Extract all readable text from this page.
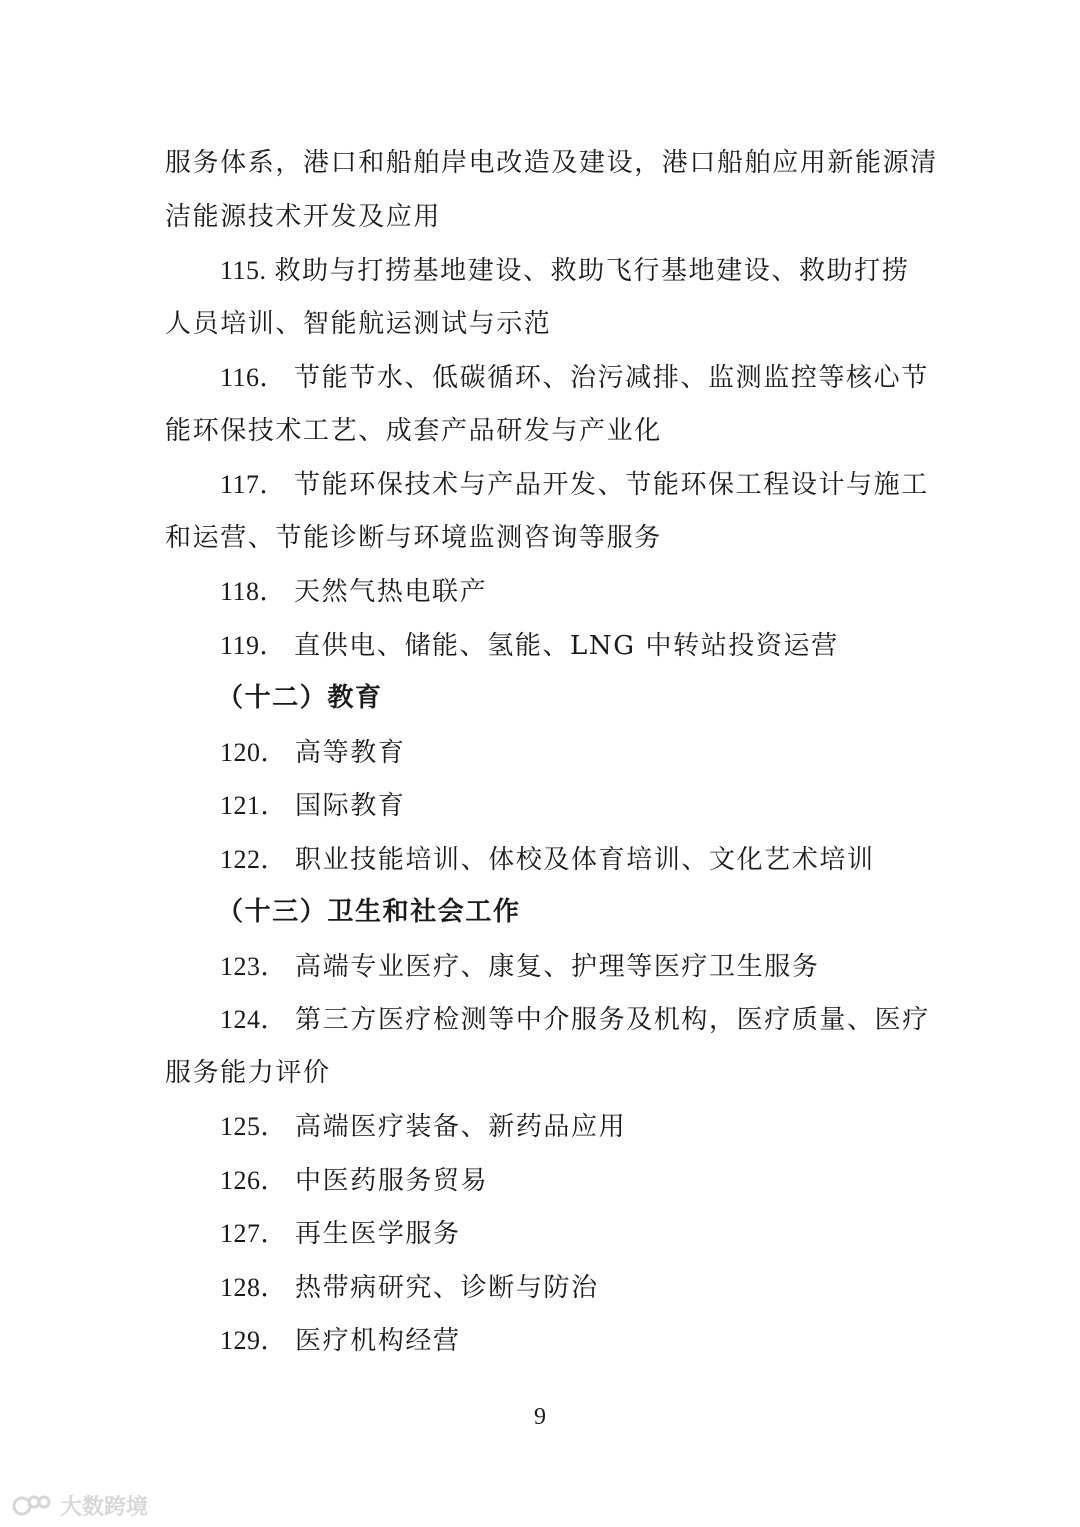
服务体系，港口和船舶岸电改造及建设，港口船舶应用新能源清
洁能源技术开发及应用
115. 救助与打捞基地建设、救助飞行基地建设、救助打捞
人员培训、智能航运测试与示范
116． 节能节水、低碳循环、治污减排、监测监控等核心节
能环保技术工艺、成套产品研发与产业化
117． 节能环保技术与产品开发、节能环保工程设计与施工
和运营、节能诊断与环境监测咨询等服务
118． 天然气热电联产
119． 直供电、储能、氢能、LNG 中转站投资运营
（十二）教育
120． 高等教育
121． 国际教育
122． 职业技能培训、体校及体育培训、文化艺术培训
（十三）卫生和社会工作
123． 高端专业医疗、康复、护理等医疗卫生服务
124． 第三方医疗检测等中介服务及机构，医疗质量、医疗
服务能力评价
125． 高端医疗装备、新药品应用
126． 中医药服务贸易
127． 再生医学服务
128． 热带病研究、诊断与防治
129． 医疗机构经营
9
大数跨境
